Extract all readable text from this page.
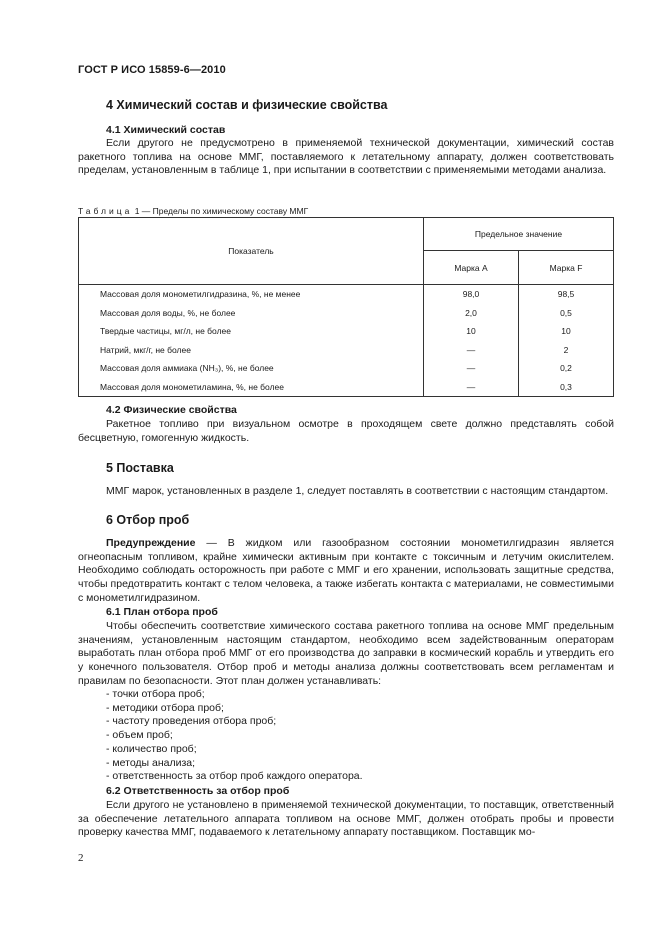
ГОСТ Р ИСО 15859-6—2010
4 Химический состав и физические свойства
4.1 Химический состав

Если другого не предусмотрено в применяемой технической документации, химический состав ракетного топлива на основе ММГ, поставляемого к летательному аппарату, должен соответствовать пределам, установленным в таблице 1, при испытании в соответствии с применяемыми методами анализа.

Таблица 1 — Пределы по химическому составу ММГ
Показатель	Предельное значение	
	Марка A	Марка F
Массовая доля монометилгидразина, %, не менее	98,0	98,5
Массовая доля воды, %, не более	2,0	0,5
Твердые частицы, мг/л, не более	10	10
Натрий, мкг/г, не более	—	2
Массовая доля аммиака (NH₃), %, не более	—	0,2
Массовая доля монометиламина, %, не более	—	0,3
4.2 Физические свойства

Ракетное топливо при визуальном осмотре в проходящем свете должно представлять собой бесцветную, гомогенную жидкость.

5 Поставка

ММГ марок, установленных в разделе 1, следует поставлять в соответствии с настоящим стандартом.

6 Отбор проб

Предупреждение — В жидком или газообразном состоянии монометилгидразин является огнеопасным топливом, крайне химически активным при контакте с токсичным и летучим окислителем. Необходимо соблюдать осторожность при работе с ММГ и его хранении, использовать защитные средства, чтобы предотвратить контакт с телом человека, а также избегать контакта с материалами, не совместимыми с монометилгидразином.

6.1 План отбора проб

Чтобы обеспечить соответствие химического состава ракетного топлива на основе ММГ предельным значениям, установленным настоящим стандартом, необходимо всем задействованным операторам выработать план отбора проб ММГ от его производства до заправки в космический корабль и утвердить его у конечного пользователя. Отбор проб и методы анализа должны соответствовать всем регламентам и правилам по безопасности. Этот план должен устанавливать:

- точки отбора проб;
- методики отбора проб;
- частоту проведения отбора проб;
- объем проб;
- количество проб;
- методы анализа;
- ответственность за отбор проб каждого оператора.
6.2 Ответственность за отбор проб

Если другого не установлено в применяемой технической документации, то поставщик, ответственный за обеспечение летательного аппарата топливом на основе ММГ, должен отобрать пробы и провести проверку качества ММГ, подаваемого к летательному аппарату поставщиком. Поставщик мо-

2
